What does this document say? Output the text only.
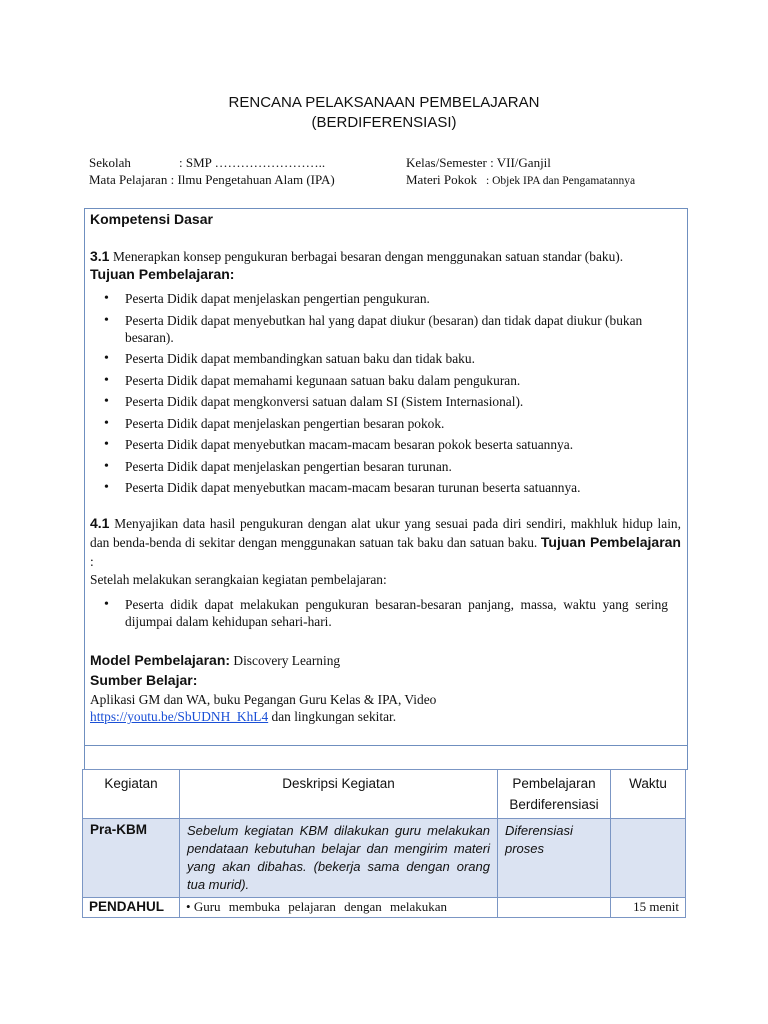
RENCANA PELAKSANAAN PEMBELAJARAN
(BERDIFERENSIASI)
Sekolah	: SMP ……………………..
Mata Pelajaran : Ilmu Pengetahuan Alam (IPA)
Kelas/Semester : VII/Ganjil
Materi Pokok : Objek IPA dan Pengamatannya
Kompetensi Dasar
3.1 Menerapkan konsep pengukuran berbagai besaran dengan menggunakan satuan standar (baku).
Tujuan Pembelajaran:
• Peserta Didik dapat menjelaskan pengertian pengukuran.
• Peserta Didik dapat menyebutkan hal yang dapat diukur (besaran) dan tidak dapat diukur (bukan besaran).
• Peserta Didik dapat membandingkan satuan baku dan tidak baku.
• Peserta Didik dapat memahami kegunaan satuan baku dalam pengukuran.
• Peserta Didik dapat mengkonversi satuan dalam SI (Sistem Internasional).
• Peserta Didik dapat menjelaskan pengertian besaran pokok.
• Peserta Didik dapat menyebutkan macam-macam besaran pokok beserta satuannya.
• Peserta Didik dapat menjelaskan pengertian besaran turunan.
• Peserta Didik dapat menyebutkan macam-macam besaran turunan beserta satuannya.
4.1 Menyajikan data hasil pengukuran dengan alat ukur yang sesuai pada diri sendiri, makhluk hidup lain, dan benda-benda di sekitar dengan menggunakan satuan tak baku dan satuan baku. Tujuan Pembelajaran :
Setelah melakukan serangkaian kegiatan pembelajaran:
• Peserta didik dapat melakukan pengukuran besaran-besaran panjang, massa, waktu yang sering dijumpai dalam kehidupan sehari-hari.
Model Pembelajaran: Discovery Learning
Sumber Belajar:
Aplikasi GM dan WA, buku Pegangan Guru Kelas & IPA, Video
https://youtu.be/SbUDNH_KhL4 dan lingkungan sekitar.
Kegiatan	Deskripsi Kegiatan	Pembelajaran Berdiferensiasi	Waktu
Pra-KBM	Sebelum kegiatan KBM dilakukan guru melakukan pendataan kebutuhan belajar dan mengirim materi yang akan dibahas. (bekerja sama dengan orang tua murid).	Diferensiasi proses	
PENDAHUL	• Guru membuka pelajaran dengan melakukan		15 menit
